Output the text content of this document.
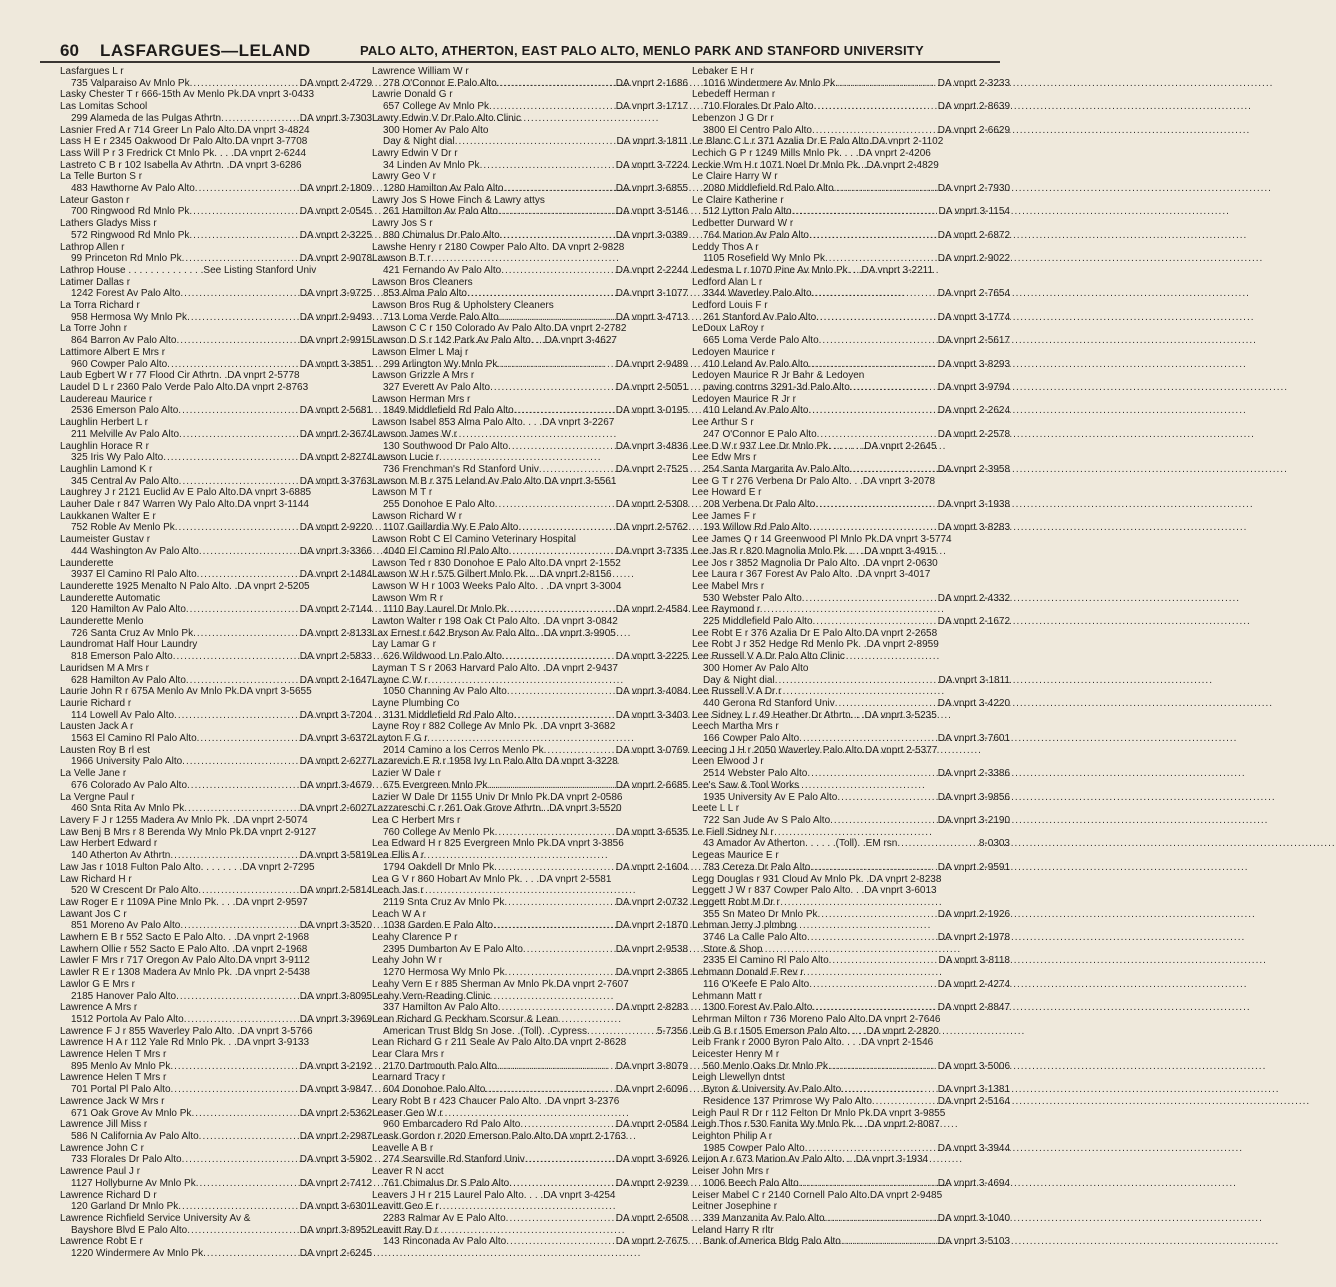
60 LASFARGUES—LELAND	PALO ALTO, ATHERTON, EAST PALO ALTO, MENLO PARK AND STANFORD UNIVERSITY
Lasfargues L r
735 Valparaiso Av Mnlo Pk .....	DA vnprt 2-4729
Lasky Chester T r 666-15th Av Menlo Pk.DA vnprt 3-0433
Las Lomitas School
299 Alameda de las Pulgas Athrtn .....	DA vnprt 3-7303
Lasnier Fred A r 714 Greer Ln Palo Alto.DA vnprt 3-4824
Lass H E r 2345 Oakwood Dr Palo Alto.DA vnprt 3-7708
Lass Will P r 3 Fredrick Ct Mnlo Pk. . . .DA vnprt 2-6244
Lastreto C B r 102 Isabella Av Athrtn. .DA vnprt 3-6286
La Telle Burton S r
483 Hawthorne Av Palo Alto .....	DA vnprt 2-1809
Lateur Gaston r
700 Ringwood Rd Mnlo Pk .....	DA vnprt 2-0545
Lathers Gladys Miss r
572 Ringwood Rd Mnlo Pk .....	DA vnprt 2-3225
Lathrop Allen r
99 Princeton Rd Mnlo Pk .....	DA vnprt 2-9078
Lathrop House . . . . . . . . . . . . . .See Listing Stanford Univ
Latimer Dallas r
1242 Forest Av Palo Alto .....	DA vnprt 3-9725
La Torra Richard r
958 Hermosa Wy Mnlo Pk .....	DA vnprt 2-9493
La Torre John r
864 Barron Av Palo Alto .....	DA vnprt 2-9915
Lattimore Albert E Mrs r
960 Cowper Palo Alto .....	DA vnprt 3-3851
Laub Egbert W r 77 Flood Cir Athrtn. .DA vnprt 2-5778
Laudel D L r 2360 Palo Verde Palo Alto.DA vnprt 2-8763
Laudereau Maurice r
2536 Emerson Palo Alto .....	DA vnprt 2-5681
Laughlin Herbert L r
211 Melville Av Palo Alto .....	DA vnprt 2-3674
Laughlin Horace R r
325 Iris Wy Palo Alto .....	DA vnprt 2-8274
Laughlin Lamond K r
345 Central Av Palo Alto .....	DA vnprt 3-3763
Laughrey J r 2121 Euclid Av E Palo Alto.DA vnprt 3-6885
Lauher Dale r 847 Warren Wy Palo Alto.DA vnprt 3-1144
Laukkanen Walter E r
752 Roble Av Menlo Pk .....	DA vnprt 2-9220
Laumeister Gustav r
444 Washington Av Palo Alto .....	DA vnprt 3-3366
Launderette
3937 El Camino Rl Palo Alto .....	DA vnprt 2-1484
Launderette 1925 Menalto N Palo Alto. .DA vnprt 2-5205
Launderette Automatic
120 Hamilton Av Palo Alto .....	DA vnprt 2-7144
Launderette Menlo
726 Santa Cruz Av Mnlo Pk .....	DA vnprt 2-8133
Laundromat Half Hour Laundry
818 Emerson Palo Alto .....	DA vnprt 2-5833
Lauridsen M A Mrs r
628 Hamilton Av Palo Alto .....	DA vnprt 2-1647
Laurie John R r 675A Menlo Av Mnlo Pk.DA vnprt 3-5655
Laurie Richard r
114 Lowell Av Palo Alto .....	DA vnprt 3-7204
Lausten Jack A r
1563 El Camino Rl Palo Alto .....	DA vnprt 3-6372
Lausten Roy B rl est
1966 University Palo Alto .....	DA vnprt 2-6277
La Velle Jane r
676 Colorado Av Palo Alto .....	DA vnprt 3-4679
La Vergne Paul r
460 Snta Rita Av Mnlo Pk .....	DA vnprt 2-6027
Lavery F J r 1255 Madera Av Mnlo Pk. .DA vnprt 2-5074
Law Benj B Mrs r 8 Berenda Wy Mnlo Pk.DA vnprt 2-9127
Law Herbert Edward r
140 Atherton Av Athrtn .....	DA vnprt 3-5819
Law Jas r 1018 Fulton Palo Alto. . . . . . . .DA vnprt 2-7295
Law Richard H r
520 W Crescent Dr Palo Alto .....	DA vnprt 2-5814
Law Roger E r 1109A Pine Mnlo Pk. . . .DA vnprt 2-9597
Lawant Jos C r
851 Moreno Av Palo Alto .....	DA vnprt 3-3520
Lawhern E B r 552 Sacto E Palo Alto. . .DA vnprt 2-1968
Lawhern Ollie r 552 Sacto E Palo Alto. .DA vnprt 2-1968
Lawler F Mrs r 717 Oregon Av Palo Alto.DA vnprt 3-9112
Lawler R E r 1308 Madera Av Mnlo Pk. .DA vnprt 2-5438
Lawlor G E Mrs r
2185 Hanover Palo Alto .....	DA vnprt 3-8095
Lawrence A Mrs r
1512 Portola Av Palo Alto .....	DA vnprt 3-3969
Lawrence F J r 855 Waverley Palo Alto. .DA vnprt 3-5766
Lawrence H A r 112 Yale Rd Mnlo Pk. . .DA vnprt 3-9133
Lawrence Helen T Mrs r
895 Menlo Av Mnlo Pk .....	DA vnprt 3-2192
Lawrence Helen T Mrs r
701 Portal Pl Palo Alto .....	DA vnprt 3-9847
Lawrence Jack W Mrs r
671 Oak Grove Av Mnlo Pk .....	DA vnprt 2-5362
Lawrence Jill Miss r
586 N California Av Palo Alto .....	DA vnprt 2-2987
Lawrence John C r
733 Florales Dr Palo Alto .....	DA vnprt 3-5902
Lawrence Paul J r
1127 Hollyburne Av Mnlo Pk .....	DA vnprt 2-7412
Lawrence Richard D r
120 Garland Dr Mnlo Pk .....	DA vnprt 3-6301
Lawrence Richfield Service University Av &
Bayshore Blvd E Palo Alto .....	DA vnprt 3-8952
Lawrence Robt E r
1220 Windermere Av Mnlo Pk .....	DA vnprt 2-6245
Lawrence William W r
278 O'Connor E Palo Alto .....	DA vnprt 2-1686
Lawrie Donald G r
657 College Av Mnlo Pk .....	DA vnprt 3-1717
Lawry Edwin V Dr Palo Alto Clinic
300 Homer Av Palo Alto
Day & Night dial .....	DA vnprt 3-1811
Lawry Edwin V Dr r
34 Linden Av Mnlo Pk .....	DA vnprt 3-7224
Lawry Geo V r
1280 Hamilton Av Palo Alto .....	DA vnprt 3-6855
Lawry Jos S Howe Finch & Lawry attys
261 Hamilton Av Palo Alto .....	DA vnprt 3-5146
Lawry Jos S r
880 Chimalus Dr Palo Alto .....	DA vnprt 3-0389
Lawshe Henry r 2180 Cowper Palo Alto. DA vnprt 2-9828
Lawson B T r
421 Fernando Av Palo Alto .....	DA vnprt 2-2244
Lawson Bros Cleaners
853 Alma Palo Alto .....	DA vnprt 3-1077
Lawson Bros Rug & Upholstery Cleaners
713 Loma Verde Palo Alto .....	DA vnprt 3-4713
Lawson C C r 150 Colorado Av Palo Alto.DA vnprt 2-2782
Lawson D S r 142 Park Av Palo Alto. . .DA vnprt 3-4627
Lawson Elmer L Maj r
299 Arlington Wy Mnlo Pk .....	DA vnprt 2-9489
Lawson Grizzle A Mrs r
327 Everett Av Palo Alto .....	DA vnprt 2-5051
Lawson Herman Mrs r
1849 Middlefield Rd Palo Alto .....	DA vnprt 3-0195
Lawson Isabel 853 Alma Palo Alto. . . .DA vnprt 3-2267
Lawson James W r
130 Southwood Dr Palo Alto .....	DA vnprt 3-4836
Lawson Lucie r
736 Frenchman's Rd Stanford Univ .....	DA vnprt 2-7525
Lawson M B r 375 Leland Av Palo Alto DA vnprt 3-5561
Lawson M T r
255 Donohoe E Palo Alto .....	DA vnprt 2-5308
Lawson Richard W r
1107 Gaillardia Wy E Palo Alto .....	DA vnprt 2-5762
Lawson Robt C El Camino Veterinary Hospital
4040 El Camino Rl Palo Alto .....	DA vnprt 3-7335
Lawson Ted r 830 Donohoe E Palo Alto.DA vnprt 2-1552
Lawson W H r 575 Gilbert Mnlo Pk. . .DA vnprt 2-8156
Lawson W H r 1003 Weeks Palo Alto. . .DA vnprt 3-3004
Lawson Wm R r
1110 Bay Laurel Dr Mnlo Pk .....	DA vnprt 2-4584
Lawton Walter r 198 Oak Ct Palo Alto. .DA vnprt 3-0842
Lax Ernest r 642 Bryson Av Palo Alto. .DA vnprt 3-9905
Lay Lamar G r
626 Wildwood Ln Palo Alto .....	DA vnprt 3-2225
Layman T S r 2063 Harvard Palo Alto. .DA vnprt 2-9437
Layne C W r
1050 Channing Av Palo Alto .....	DA vnprt 3-4084
Layne Plumbing Co
3131 Middlefield Rd Palo Alto .....	DA vnprt 3-3403
Layne Roy r 882 College Av Mnlo Pk. .DA vnprt 3-3682
Layton F G r
2014 Camino a los Cerros Menlo Pk .....	DA vnprt 3-0769
Lazarevich E R r 1958 Ivy Ln Palo Alto DA vnprt 3-3228
Lazier W Dale r
675 Evergreen Mnlo Pk .....	DA vnprt 2-6685
Lazier W Dale Dr 1155 Univ Dr Mnlo Pk.DA vnprt 2-0586
Lazzareschi C r 261 Oak Grove Athrtn. .DA vnprt 3-5520
Lea C Herbert Mrs r
760 College Av Menlo Pk .....	DA vnprt 3-6535
Lea Edward H r 825 Evergreen Mnlo Pk.DA vnprt 3-3856
Lea Ellis A r
1794 Oakdell Dr Mnlo Pk .....	DA vnprt 2-1604
Lea G V r 860 Hobart Av Mnlo Pk. . . .DA vnprt 2-5581
Leach Jas r
2119 Snta Cruz Av Mnlo Pk .....	DA vnprt 2-0732
Leach W A r
1038 Garden E Palo Alto .....	DA vnprt 2-1870
Leahy Clarence P r
2395 Dumbarton Av E Palo Alto .....	DA vnprt 2-9538
Leahy John W r
1270 Hermosa Wy Mnlo Pk .....	DA vnprt 2-3865
Leahy Vern E r 885 Sherman Av Mnlo Pk.DA vnprt 2-7607
Leahy Vern-Reading Clinic
337 Hamilton Av Palo Alto .....	DA vnprt 2-8283
Lean Richard G Peckham Scorsur & Lean
American Trust Bldg Sn Jose. .(Toll). .Cypress .....	5-7356
Lean Richard G r 211 Seale Av Palo Alto.DA vnprt 2-8628
Lear Clara Mrs r
2170 Dartmouth Palo Alto .....	DA vnprt 3-8079
Learnard Tracy r
604 Donohoe Palo Alto .....	DA vnprt 2-6096
Leary Robt B r 423 Chaucer Palo Alto. .DA vnprt 3-2376
Leaser Geo W r
960 Embarcadero Rd Palo Alto .....	DA vnprt 2-0584
Leask Gordon r 2020 Emerson Palo Alto.DA vnprt 2-1763
Leavelle A B r
274 Searsville Rd Stanford Univ .....	DA vnprt 3-6926
Leaver R N acct
761 Chimalus Dr S Palo Alto .....	DA vnprt 2-9239
Leavers J H r 215 Laurel Palo Alto. . . .DA vnprt 3-4254
Leavitt Geo E r
2283 Ralmar Av E Palo Alto .....	DA vnprt 2-6508
Leavitt Ray D r
143 Rinconada Av Palo Alto .....	DA vnprt 2-7675
Lebaker E H r
1016 Windermere Av Mnlo Pk .....	DA vnprt 2-3233
Lebedeff Herman r
710 Florales Dr Palo Alto .....	DA vnprt 2-8639
Lebenzon J G Dr r
3800 El Centro Palo Alto .....	DA vnprt 2-6629
Le Blanc C L r 371 Azalia Dr E Palo Alto.DA vnprt 2-1102
Lechich G P r 1249 Mills Mnlo Pk. . . .DA vnprt 2-4206
Leckie Wm H r 1071 Noel Dr Mnlo Pk. .DA vnprt 2-4829
Le Claire Harry W r
2080 Middlefield Rd Palo Alto .....	DA vnprt 2-7930
Le Claire Katherine r
512 Lytton Palo Alto .....	DA vnprt 3-1154
Ledbetter Durward W r
764 Marion Av Palo Alto .....	DA vnprt 2-6872
Leddy Thos A r
1105 Rosefield Wy Mnlo Pk .....	DA vnprt 2-9022
Ledesma L r 1070 Pine Av Mnlo Pk. . .DA vnprt 3-2211
Ledford Alan L r
3344 Waverley Palo Alto .....	DA vnprt 2-7654
Ledford Louis F r
261 Stanford Av Palo Alto .....	DA vnprt 3-1774
LeDoux LaRoy r
665 Loma Verde Palo Alto .....	DA vnprt 2-5617
Ledoyen Maurice r
410 Leland Av Palo Alto .....	DA vnprt 3-8293
Ledoyen Maurice R Jr Bahr & Ledoyen
paving contrns 3291-3d Palo Alto .....	DA vnprt 3-9794
Ledoyen Maurice R Jr r
410 Leland Av Palo Alto .....	DA vnprt 2-2624
Lee Arthur S r
247 O'Connor E Palo Alto .....	DA vnprt 2-2578
Lee D W r 937 Lee Dr Mnlo Pk. . . . . . .DA vnprt 2-2645
Lee Edw Mrs r
254 Santa Margarita Av Palo Alto .....	DA vnprt 2-3958
Lee G T r 276 Verbena Dr Palo Alto. . .DA vnprt 3-2078
Lee Howard E r
208 Verbena Dr Palo Alto .....	DA vnprt 3-1938
Lee James F r
193 Willow Rd Palo Alto .....	DA vnprt 3-8283
Lee James Q r 14 Greenwood Pl Mnlo Pk.DA vnprt 3-5774
Lee Jas R r 820 Magnolia Mnlo Pk. . . .DA vnprt 3-4915
Lee Jos r 3852 Magnolia Dr Palo Alto. .DA vnprt 2-0630
Lee Laura r 367 Forest Av Palo Alto. .DA vnprt 3-4017
Lee Mabel Mrs r
530 Webster Palo Alto .....	DA vnprt 2-4332
Lee Raymond r
225 Middlefield Palo Alto .....	DA vnprt 2-1672
Lee Robt E r 376 Azalia Dr E Palo Alto.DA vnprt 2-2658
Lee Robt J r 352 Hedge Rd Menlo Pk. .DA vnprt 2-8959
Lee Russell V A Dr Palo Alto Clinic
300 Homer Av Palo Alto
Day & Night dial .....	DA vnprt 3-1811
Lee Russell V A Dr r
440 Gerona Rd Stanford Univ .....	DA vnprt 3-4220
Lee Sidney L r 49 Heather Dr Athrtn. . .DA vnprt 3-5235
Leech Martha Mrs r
166 Cowper Palo Alto .....	DA vnprt 3-7601
Leecing J H r 2050 Waverley Palo Alto.DA vnprt 2-5377
Leen Elwood J r
2514 Webster Palo Alto .....	DA vnprt 2-3386
Lee's Saw & Tool Works
1935 University Av E Palo Alto .....	DA vnprt 3-9856
Leete L L r
722 San Jude Av S Palo Alto .....	DA vnprt 3-2190
Le Fiell Sidney N r
43 Amador Av Atherton. . . . . .(Toll). .EM rsn .....	8-0303
Legeas Maurice E r
783 Cereza Dr Palo Alto .....	DA vnprt 2-9591
Legg Douglas r 931 Cloud Av Mnlo Pk. .DA vnprt 2-8238
Leggett J W r 837 Cowper Palo Alto. . .DA vnprt 3-6013
Leggett Robt M Dr r
355 Sn Mateo Dr Mnlo Pk .....	DA vnprt 2-1926
Lehman Jerry J plmbng
3746 La Calle Palo Alto .....	DA vnprt 2-1978
Store & Shop
2335 El Camino Rl Palo Alto .....	DA vnprt 3-8118
Lehmann Donald F Rev r
116 O'Keefe E Palo Alto .....	DA vnprt 2-4274
Lehmann Matt r
1300 Forest Av Palo Alto .....	DA vnprt 2-8847
Lehrman Milton r 736 Moreno Palo Alto.DA vnprt 2-7646
Leib G B r 1505 Emerson Palo Alto. . . .DA vnprt 2-2820
Leib Frank r 2000 Byron Palo Alto. . . .DA vnprt 2-1546
Leicester Henry M r
560 Menlo Oaks Dr Mnlo Pk .....	DA vnprt 3-5006
Leigh Llewellyn dntst
Byron & University Av Palo Alto .....	DA vnprt 3-1381
Residence 137 Primrose Wy Palo Alto .....	DA vnprt 2-5164
Leigh Paul R Dr r 112 Felton Dr Mnlo Pk.DA vnprt 3-9855
Leigh Thos r 530 Fanita Wy Mnlo Pk. . .DA vnprt 2-8087
Leighton Philip A r
1985 Cowper Palo Alto .....	DA vnprt 3-3944
Leijon A r 673 Marion Av Palo Alto. . .DA vnprt 3-1934
Leiser John Mrs r
1006 Beech Palo Alto .....	DA vnprt 3-4694
Leiser Mabel C r 2140 Cornell Palo Alto.DA vnprt 2-9485
Leitner Josephine r
339 Manzanita Av Palo Alto .....	DA vnprt 3-1040
Leland Harry R rltr
Bank of America Bldg Palo Alto .....	DA vnprt 3-5103
